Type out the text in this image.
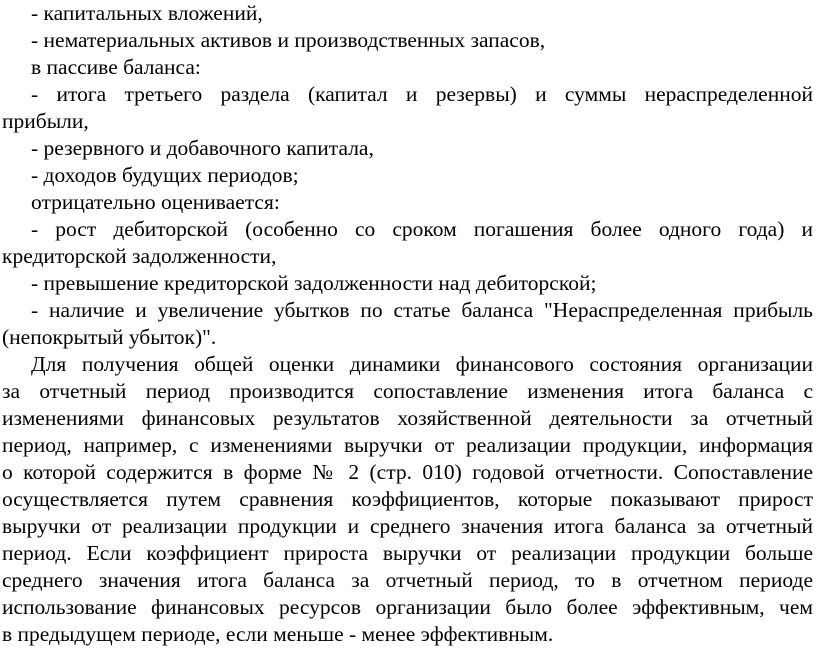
- капитальных вложений,
- нематериальных активов и производственных запасов,
в пассиве баланса:
- итога третьего раздела (капитал и резервы) и суммы нераспределенной
прибыли,
- резервного и добавочного капитала,
- доходов будущих периодов;
отрицательно оценивается:
- рост дебиторской (особенно со сроком погашения более одного года) и
кредиторской задолженности,
- превышение кредиторской задолженности над дебиторской;
- наличие и увеличение убытков по статье баланса "Нераспределенная прибыль
(непокрытый убыток)".
Для получения общей оценки динамики финансового состояния организации
за отчетный период производится сопоставление изменения итога баланса с
изменениями финансовых результатов хозяйственной деятельности за отчетный
период, например, с изменениями выручки от реализации продукции, информация
о которой содержится в форме № 2 (стр. 010) годовой отчетности. Сопоставление
осуществляется путем сравнения коэффициентов, которые показывают прирост
выручки от реализации продукции и среднего значения итога баланса за отчетный
период. Если коэффициент прироста выручки от реализации продукции больше
среднего значения итога баланса за отчетный период, то в отчетном периоде
использование финансовых ресурсов организации было более эффективным, чем
в предыдущем периоде, если меньше - менее эффективным.
